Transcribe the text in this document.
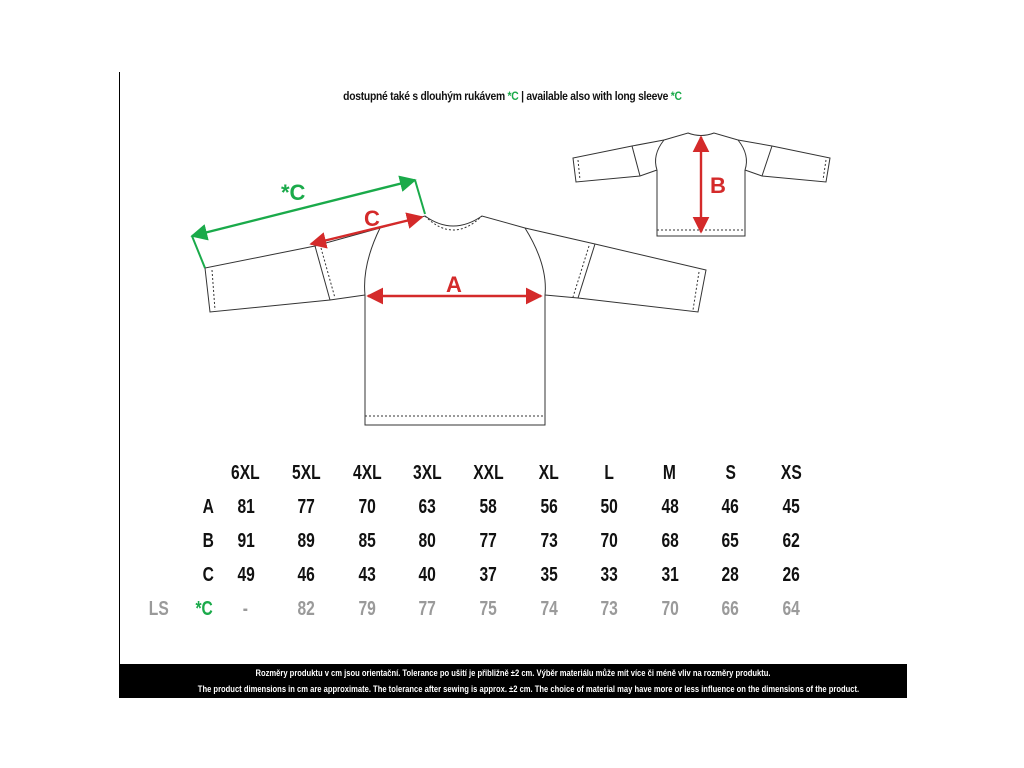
dostupné také s dlouhým rukávem *C | available also with long sleeve *C
A
C
*C	B
	6XL	5XL	4XL	3XL	XXL	XL	L	M	S	XS
A	81	77	70	63	58	56	50	48	46	45
B	91	89	85	80	77	73	70	68	65	62
C	49	46	43	40	37	35	33	31	28	26
LS *C	-	82	79	77	75	74	73	70	66	64
Rozměry produktu v cm jsou orientační. Tolerance po ušití je přibližně ±2 cm. Výběr materiálu může mít více či méně vliv na rozměry produktu.
The product dimensions in cm are approximate. The tolerance after sewing is approx. ±2 cm. The choice of material may have more or less influence on the dimensions of the product.
